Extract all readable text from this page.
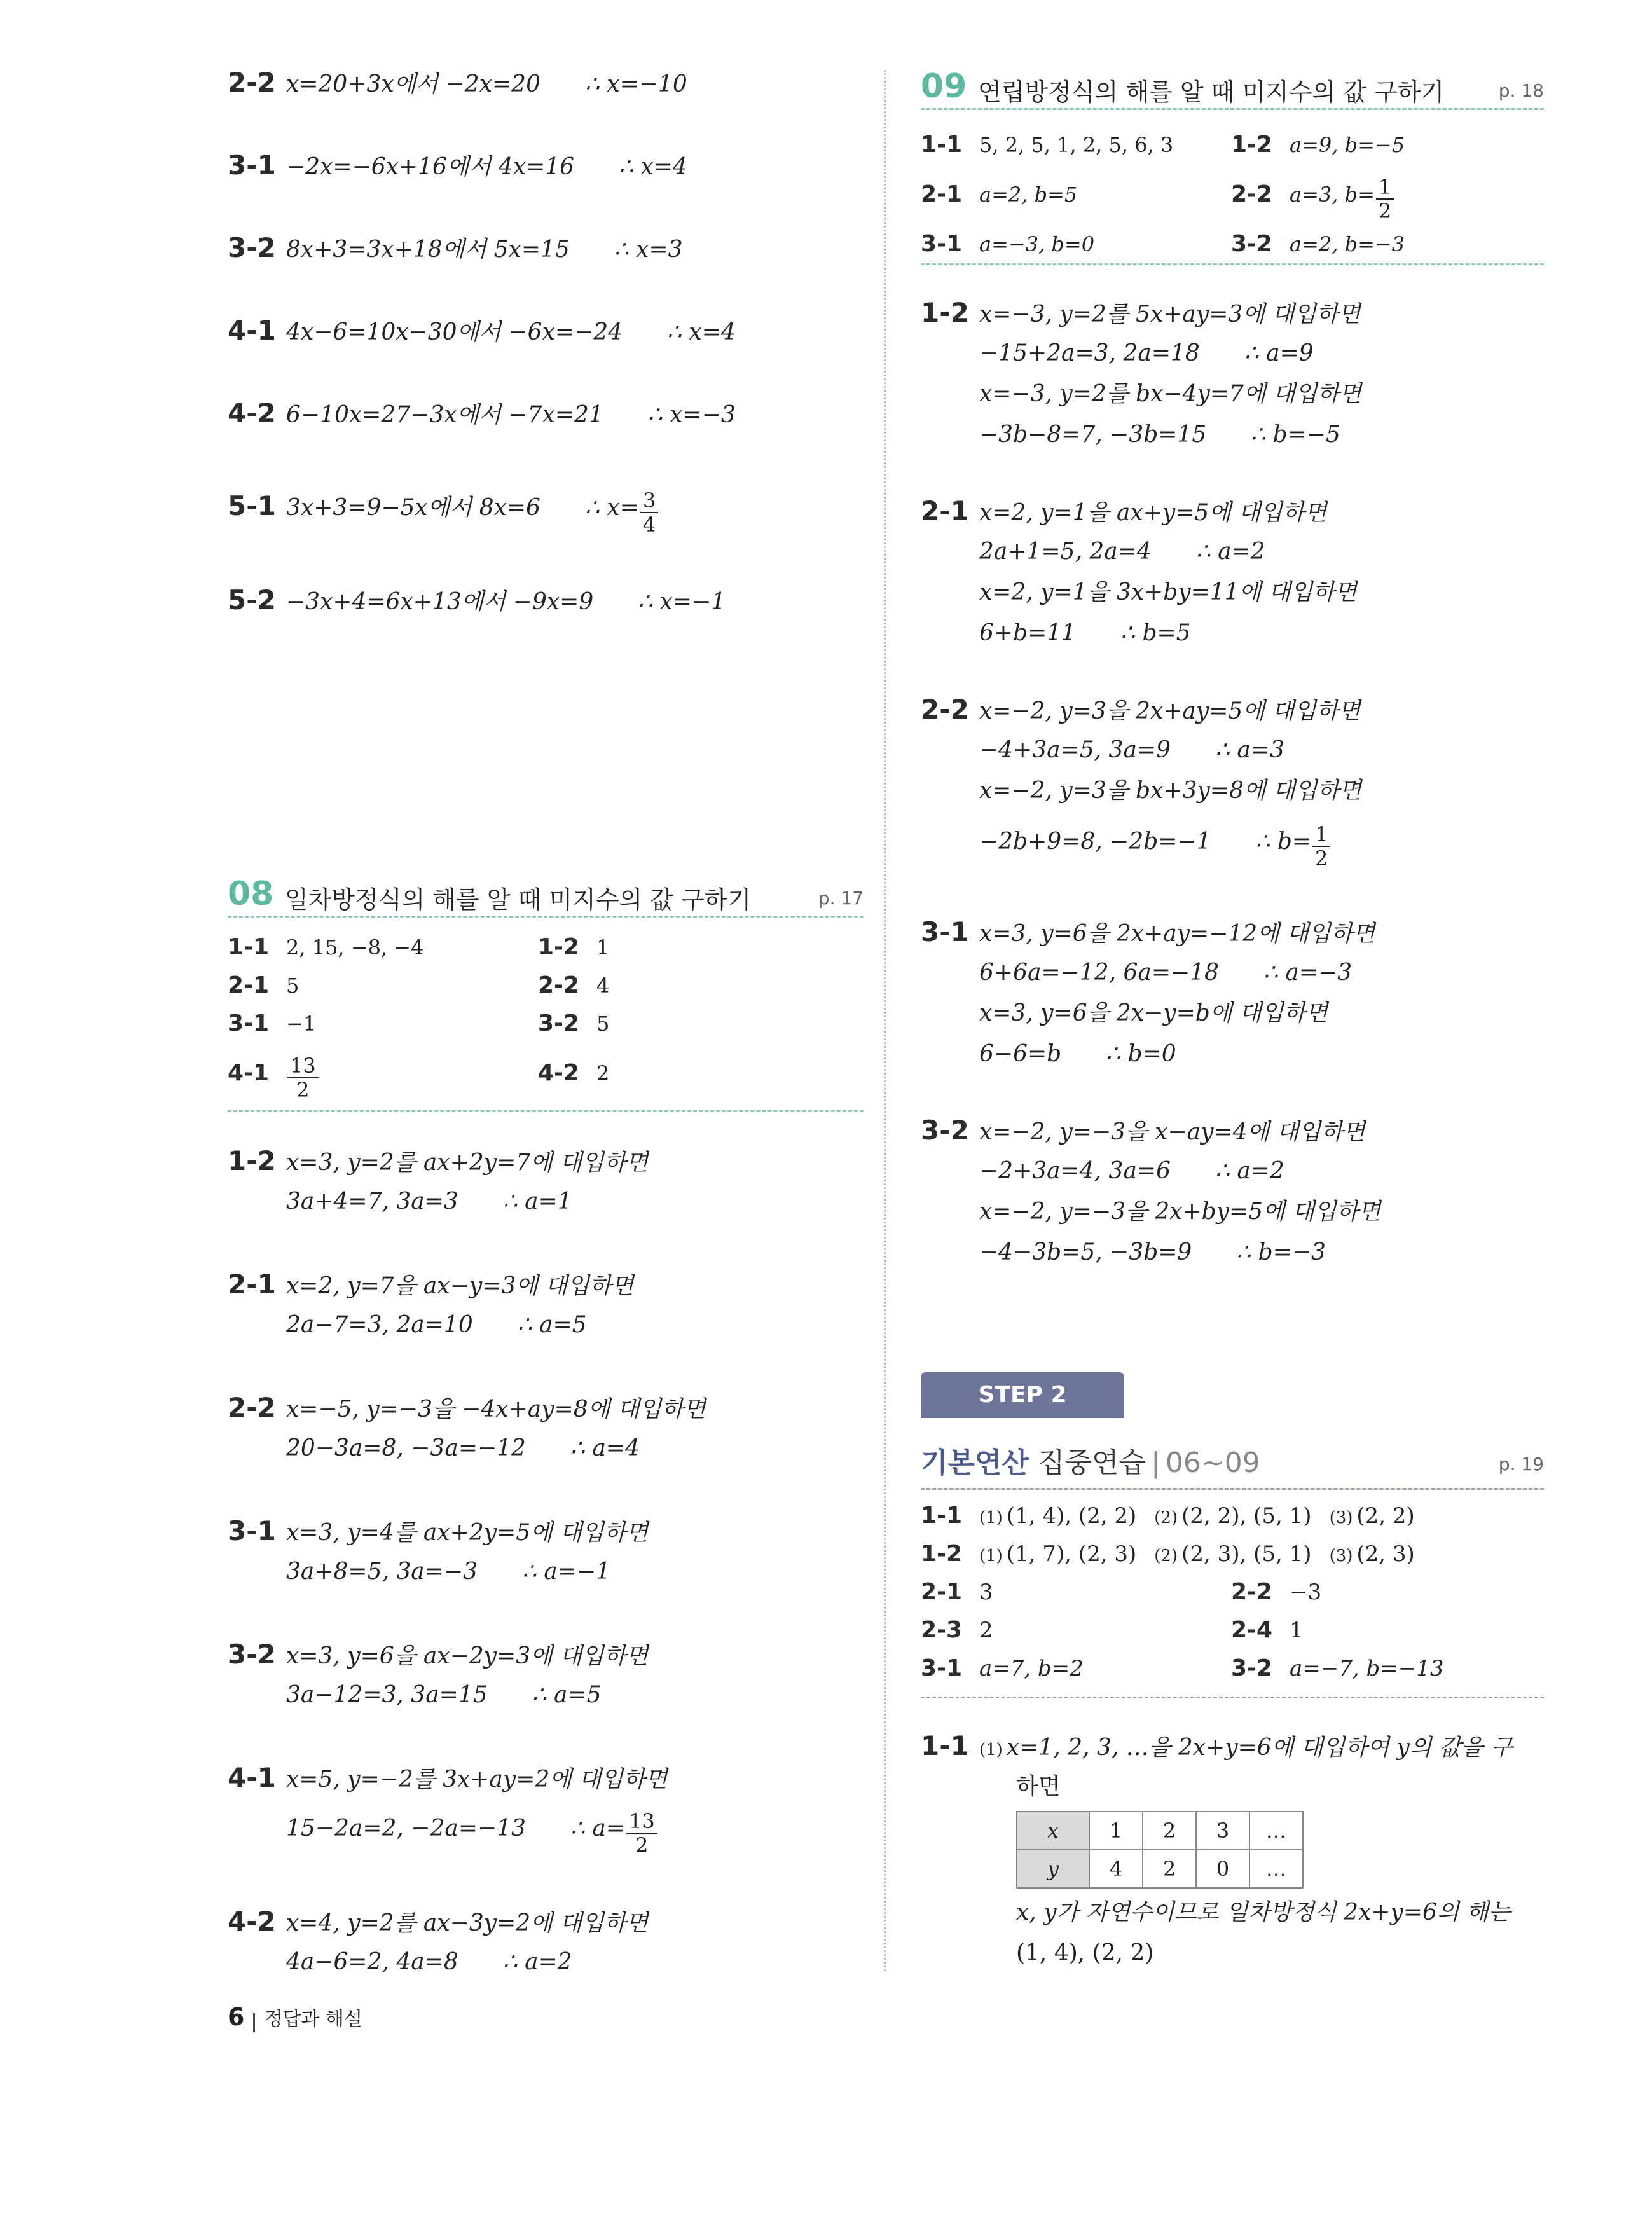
2-2 x=20+3x에서 −2x=20 ∴ x=−10
3-1 −2x=−6x+16에서 4x=16 ∴ x=4
3-2 8x+3=3x+18에서 5x=15 ∴ x=3
4-1 4x−6=10x−30에서 −6x=−24 ∴ x=4
4-2 6−10x=27−3x에서 −7x=21 ∴ x=−3
5-1 3x+3=9−5x에서 8x=6 ∴ $x= \frac{3}{4}$
5-2 −3x+4=6x+13에서 −9x=9 ∴ x=−1
08 일차방정식의 해를 알 때 미지수의 값 구하기	p. 17
1-1 2, 15, −8, −4	1-2 1
2-1 5	2-2 4
3-1 −1	3-2 5
$4-1 \frac{13}{2}$	4-2 2
1-2 x=3, y=2를 ax+2y=7에 대입하면
3a+4=7, 3a=3 ∴ a=1
2-1 x=2, y=7을 ax−y=3에 대입하면
2a−7=3, 2a=10 ∴ a=5
2-2 x=−5, y=−3을 −4x+ay=8에 대입하면
20−3a=8, −3a=−12 ∴ a=4
3-1 x=3, y=4를 ax+2y=5에 대입하면
3a+8=5, 3a=−3 ∴ a=−1
3-2 x=3, y=6을 ax−2y=3에 대입하면
3a−12=3, 3a=15 ∴ a=5
4-1 x=5, y=−2를 3x+ay=2에 대입하면
15−2a=2, −2a=−13 ∴ $a= \frac{13}{2}$
4-2 x=4, y=2를 ax−3y=2에 대입하면
4a−6=2, 4a=8 ∴ a=2
09 연립방정식의 해를 알 때 미지수의 값 구하기	p. 18
1-1 5, 2, 5, 1, 2, 5, 6, 3	1-2 a=9, b=−5
2-1 a=2, b=5	2-2 a=3, $b= \frac{1}{2}$
3-1 a=−3, b=0	3-2 a=2, b=−3
1-2 x=−3, y=2를 5x+ay=3에 대입하면
−15+2a=3, 2a=18 ∴ a=9
x=−3, y=2를 bx−4y=7에 대입하면
−3b−8=7, −3b=15 ∴ b=−5
2-1 x=2, y=1을 ax+y=5에 대입하면
2a+1=5, 2a=4 ∴ a=2
x=2, y=1을 3x+by=11에 대입하면
6+b=11 ∴ b=5
2-2 x=−2, y=3을 2x+ay=5에 대입하면
−4+3a=5, 3a=9 ∴ a=3
x=−2, y=3을 bx+3y=8에 대입하면
−2b+9=8, −2b=−1 ∴ $b= \frac{1}{2}$
3-1 x=3, y=6을 2x+ay=−12에 대입하면
6+6a=−12, 6a=−18 ∴ a=−3
x=3, y=6을 2x−y=b에 대입하면
6−6=b ∴ b=0
3-2 x=−2, y=−3을 x−ay=4에 대입하면
−2+3a=4, 3a=6 ∴ a=2
x=−2, y=−3을 2x+by=5에 대입하면
−4−3b=5, −3b=9 ∴ b=−3
STEP 2
기본연산 집중연습 | 06~09	p. 19
1-1 (1) (1, 4), (2, 2) (2) (2, 2), (5, 1) (3) (2, 2)
1-2 (1) (1, 7), (2, 3) (2) (2, 3), (5, 1) (3) (2, 3)
2-1 3	2-2 −3
2-3 2	2-4 1
3-1 a=7, b=2	3-2 a=−7, b=−13
1-1 (1) x=1, 2, 3, …을 2x+y=6에 대입하여 y의 값을 구
하면
x	1	2	3	…
y	4	2	0	…
x, y가 자연수이므로 일차방정식 2x+y=6의 해는
(1, 4), (2, 2)
6 정답과 해설
